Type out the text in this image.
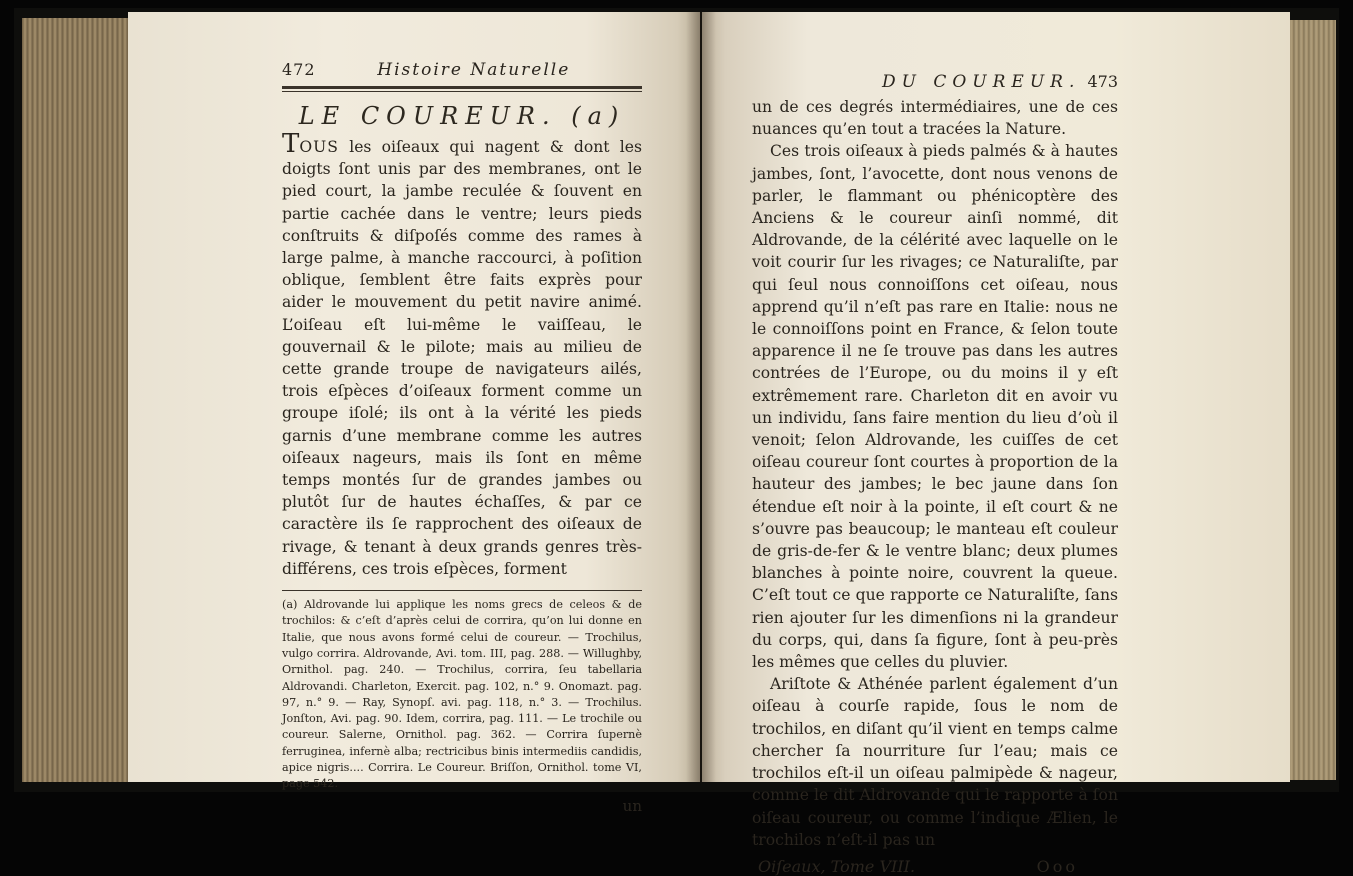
472	Histoire Naturelle
LE COUREUR. (a)

TOUS les oiſeaux qui nagent & dont les doigts ſont unis par des membranes, ont le pied court, la jambe reculée & ſouvent en partie cachée dans le ventre; leurs pieds conſtruits & diſpoſés comme des rames à large palme, à manche raccourci, à poſition oblique, ſemblent être faits exprès pour aider le mouvement du petit navire animé. L’oiſeau eſt lui-même le vaiſſeau, le gouvernail & le pilote; mais au milieu de cette grande troupe de navigateurs ailés, trois eſpèces d’oiſeaux forment comme un groupe iſolé; ils ont à la vérité les pieds garnis d’une membrane comme les autres oiſeaux nageurs, mais ils ſont en même temps montés ſur de grandes jambes ou plutôt ſur de hautes échaſſes, & par ce caractère ils ſe rapprochent des oiſeaux de rivage, & tenant à deux grands genres très-différens, ces trois eſpèces, forment

(a) Aldrovande lui applique les noms grecs de celeos & de trochilos: & c’eſt d’après celui de corrira, qu’on lui donne en Italie, que nous avons formé celui de coureur. — Trochilus, vulgo corrira. Aldrovande, Avi. tom. III, pag. 288. — Willughby, Ornithol. pag. 240. — Trochilus, corrira, ſeu tabellaria Aldrovandi. Charleton, Exercit. pag. 102, n.° 9. Onomazt. pag. 97, n.° 9. — Ray, Synopſ. avi. pag. 118, n.° 3. — Trochilus. Jonſton, Avi. pag. 90. Idem, corrira, pag. 111. — Le trochile ou coureur. Salerne, Ornithol. pag. 362. — Corrira ſupernè ferruginea, infernè alba; rectricibus binis intermediis candidis, apice nigris.... Corrira. Le Coureur. Briſſon, Ornithol. tome VI, page 542.

un
DU COUREUR. 473

un de ces degrés intermédiaires, une de ces nuances qu’en tout a tracées la Nature.

Ces trois oiſeaux à pieds palmés & à hautes jambes, ſont, l’avocette, dont nous venons de parler, le flammant ou phénicoptère des Anciens & le coureur ainſi nommé, dit Aldrovande, de la célérité avec laquelle on le voit courir ſur les rivages; ce Naturaliſte, par qui ſeul nous connoiſſons cet oiſeau, nous apprend qu’il n’eſt pas rare en Italie: nous ne le connoiſſons point en France, & ſelon toute apparence il ne ſe trouve pas dans les autres contrées de l’Europe, ou du moins il y eſt extrêmement rare. Charleton dit en avoir vu un individu, ſans faire mention du lieu d’où il venoit; ſelon Aldrovande, les cuiſſes de cet oiſeau coureur ſont courtes à proportion de la hauteur des jambes; le bec jaune dans ſon étendue eſt noir à la pointe, il eſt court & ne s’ouvre pas beaucoup; le manteau eſt couleur de gris-de-fer & le ventre blanc; deux plumes blanches à pointe noire, couvrent la queue. C’eſt tout ce que rapporte ce Naturaliſte, ſans rien ajouter ſur les dimenſions ni la grandeur du corps, qui, dans ſa figure, ſont à peu-près les mêmes que celles du pluvier.

Ariſtote & Athénée parlent également d’un oiſeau à courſe rapide, ſous le nom de trochilos, en diſant qu’il vient en temps calme chercher ſa nourriture ſur l’eau; mais ce trochilos eſt-il un oiſeau palmipède & nageur, comme le dit Aldrovande qui le rapporte à ſon oiſeau coureur, ou comme l’indique Ælien, le trochilos n’eſt-il pas un

Oiſeaux, Tome VIII.	Ooo
